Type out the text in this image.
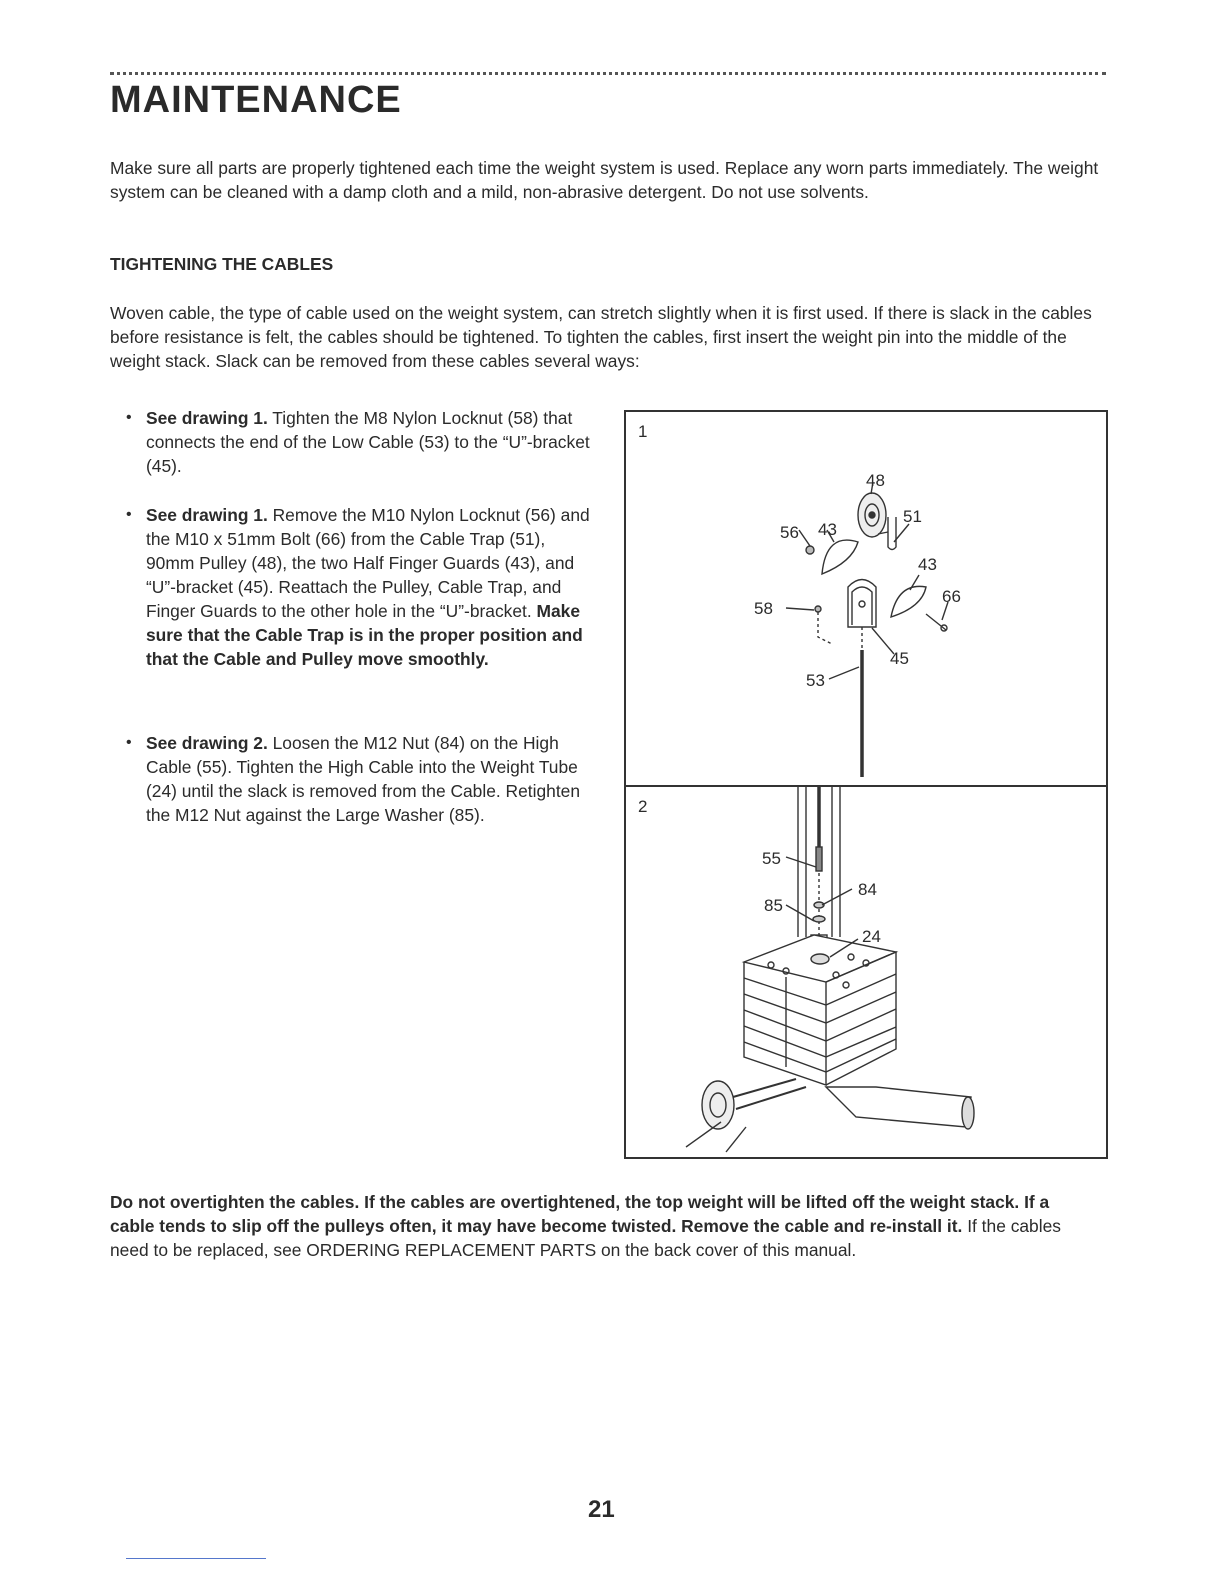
MAINTENANCE

Make sure all parts are properly tightened each time the weight system is used. Replace any worn parts immediately. The weight system can be cleaned with a damp cloth and a mild, non-abrasive detergent. Do not use solvents.

TIGHTENING THE CABLES

Woven cable, the type of cable used on the weight system, can stretch slightly when it is first used. If there is slack in the cables before resistance is felt, the cables should be tightened. To tighten the cables, first insert the weight pin into the middle of the weight stack. Slack can be removed from these cables several ways:

• See drawing 1. Tighten the M8 Nylon Locknut (58) that connects the end of the Low Cable (53) to the “U”-bracket (45).
• See drawing 1. Remove the M10 Nylon Locknut (56) and the M10 x 51mm Bolt (66) from the Cable Trap (51), 90mm Pulley (48), the two Half Finger Guards (43), and “U”-bracket (45). Reattach the Pulley, Cable Trap, and Finger Guards to the other hole in the “U”-bracket. Make sure that the Cable Trap is in the proper position and that the Cable and Pulley move smoothly.
• See drawing 2. Loosen the M12 Nut (84) on the High Cable (55). Tighten the High Cable into the Weight Tube (24) until the slack is removed from the Cable. Retighten the M12 Nut against the Large Washer (85).
48
56 43
51
43
66
58
45
53
1
55
84
85
24
2

Do not overtighten the cables. If the cables are overtightened, the top weight will be lifted off the weight stack. If a cable tends to slip off the pulleys often, it may have become twisted. Remove the cable and re-install it. If the cables need to be replaced, see ORDERING REPLACEMENT PARTS on the back cover of this manual.

21
